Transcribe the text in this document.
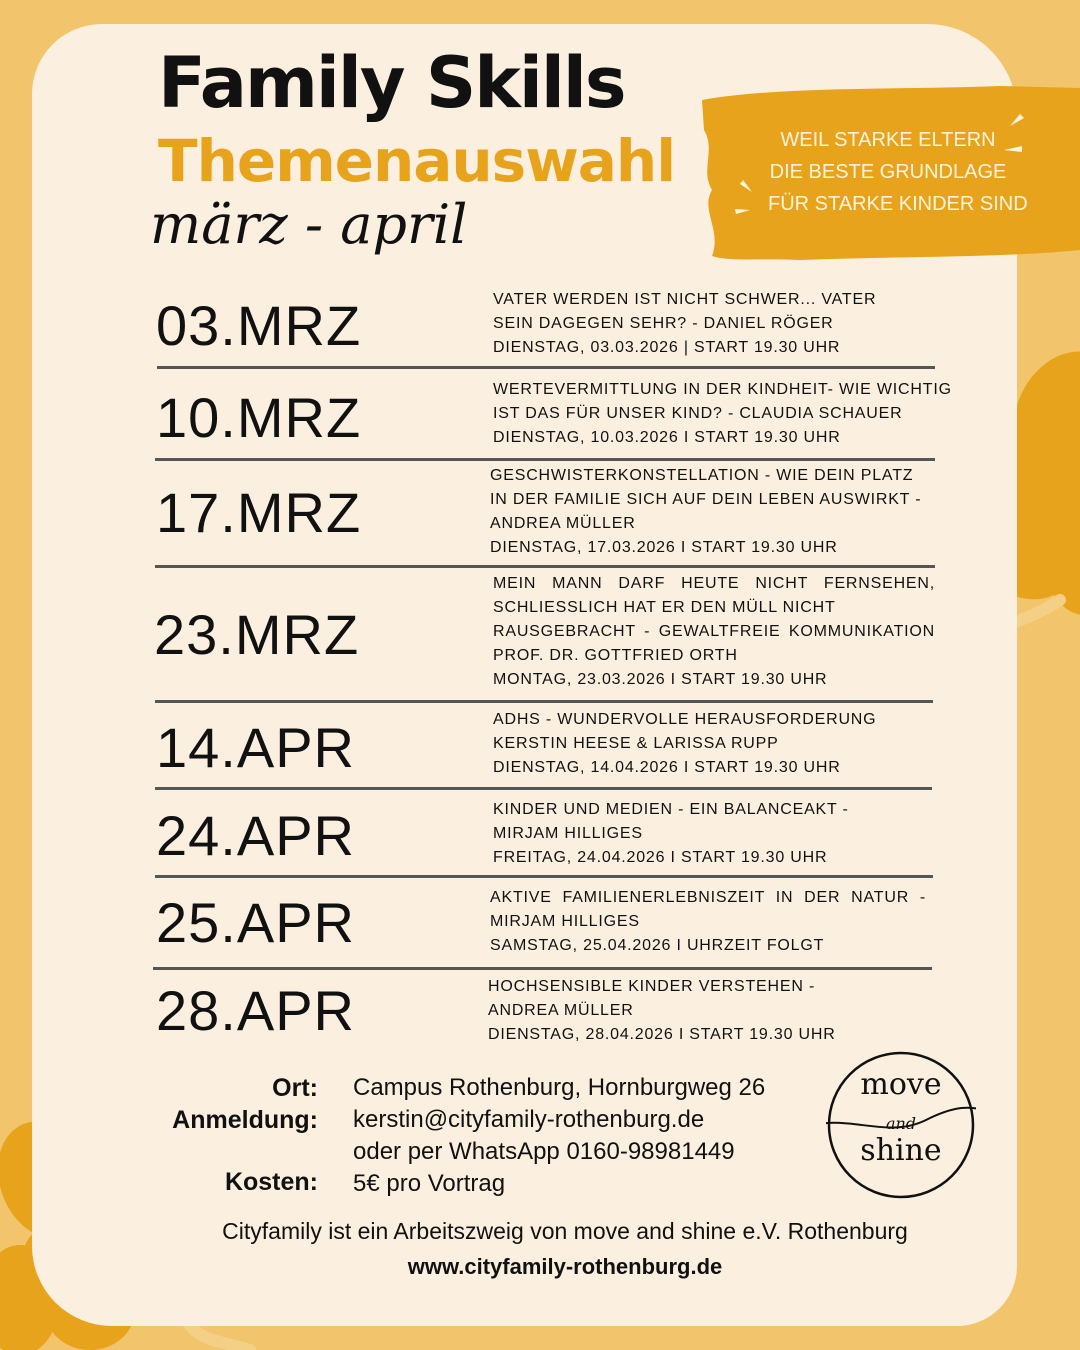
Family Skills
Themenauswahl
märz - april
WEIL STARKE ELTERN
DIE BESTE GRUNDLAGE
FÜR STARKE KINDER SIND
03.MRZ	VATER WERDEN IST NICHT SCHWER... VATER
SEIN DAGEGEN SEHR? - DANIEL RÖGER
DIENSTAG, 03.03.2026 | START 19.30 UHR
10.MRZ	WERTEVERMITTLUNG IN DER KINDHEIT- WIE WICHTIG
IST DAS FÜR UNSER KIND? - CLAUDIA SCHAUER
DIENSTAG, 10.03.2026 I START 19.30 UHR
17.MRZ
GESCHWISTERKONSTELLATION - WIE DEIN PLATZ
IN DER FAMILIE SICH AUF DEIN LEBEN AUSWIRKT -
ANDREA MÜLLER
DIENSTAG, 17.03.2026 I START 19.30 UHR
23.MRZ
MEIN MANN DARF HEUTE NICHT FERNSEHEN,
SCHLIESSLICH HAT ER DEN MÜLL NICHT
RAUSGEBRACHT - GEWALTFREIE KOMMUNIKATION
PROF. DR. GOTTFRIED ORTH
MONTAG, 23.03.2026 I START 19.30 UHR
14.APR	ADHS - WUNDERVOLLE HERAUSFORDERUNG
KERSTIN HEESE & LARISSA RUPP
DIENSTAG, 14.04.2026 I START 19.30 UHR
24.APR	KINDER UND MEDIEN - EIN BALANCEAKT -
MIRJAM HILLIGES
FREITAG, 24.04.2026 I START 19.30 UHR
25.APR	AKTIVE FAMILIENERLEBNISZEIT IN DER NATUR -
MIRJAM HILLIGES
SAMSTAG, 25.04.2026 I UHRZEIT FOLGT
28.APR	HOCHSENSIBLE KINDER VERSTEHEN -
ANDREA MÜLLER
DIENSTAG, 28.04.2026 I START 19.30 UHR
Ort: Campus Rothenburg, Hornburgweg 26
Anmeldung: kerstin@cityfamily-rothenburg.de
oder per WhatsApp 0160-98981449
Kosten: 5€ pro Vortrag
move
and
shine
Cityfamily ist ein Arbeitszweig von move and shine e.V. Rothenburg
www.cityfamily-rothenburg.de
